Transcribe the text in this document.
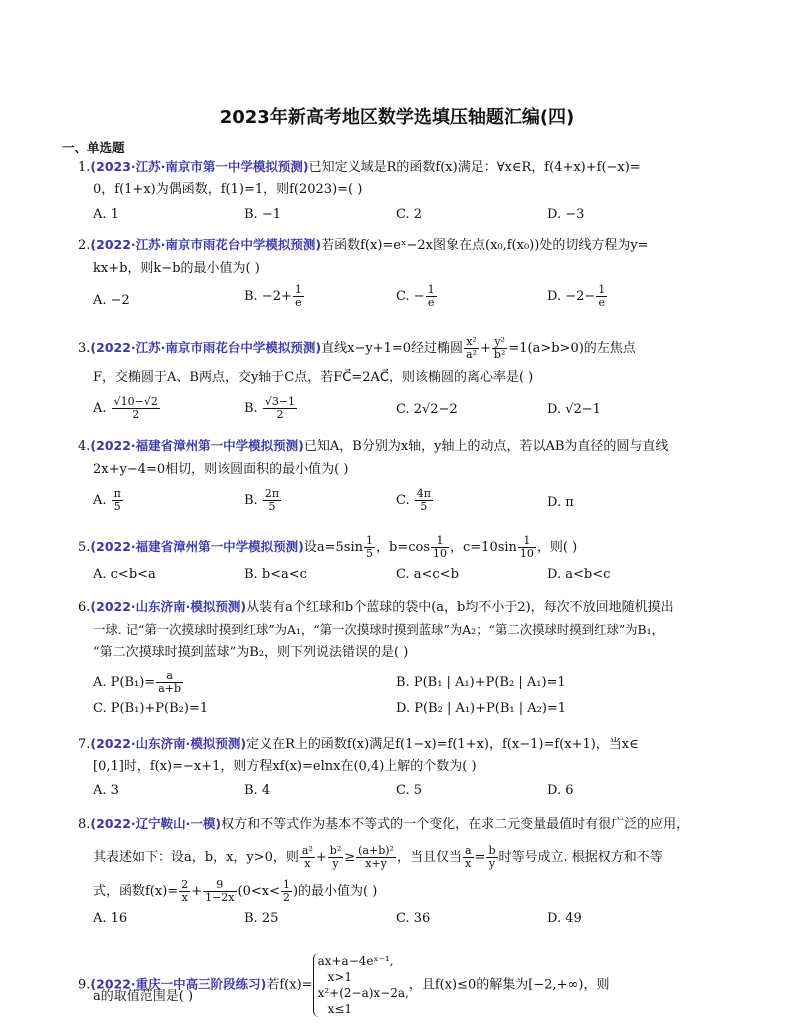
2023年新高考地区数学选填压轴题汇编(四)
一、单选题
1.(2023·江苏·南京市第一中学模拟预测)已知定义域是R的函数f(x)满足：∀x∈R，f(4+x)+f(−x)=
0，f(1+x)为偶函数，f(1)=1，则f(2023)=( )
A. 1	B. −1	C. 2	D. −3
2.(2022·江苏·南京市雨花台中学模拟预测)若函数f(x)=eˣ−2x图象在点(x₀,f(x₀))处的切线方程为y=
kx+b，则k−b的最小值为( )
A. −2	B. $-2+ \frac{1}{e}$	C. − $\frac{1}{e}$	D. $-2- \frac{1}{e}$
3.(2022·江苏·南京市雨花台中学模拟预测)直线x−y+1=0经过椭圆 $\frac{\text{x²}}{\text{a²}} + \frac{\text{y²}}{\text{b²}} =1(a>b>0)$的左焦点
F，交椭圆于A、B两点，交y轴于C点，若FC⃗=2AC⃗，则该椭圆的离心率是( )
A. $\frac{√10-√2}{2}$	B. $\frac{√3-1}{2}$	C. 2√2−2	D. √2−1
4.(2022·福建省漳州第一中学模拟预测)已知A，B分别为x轴，y轴上的动点，若以AB为直径的圆与直线
2x+y−4=0相切，则该圆面积的最小值为( )
A. $\frac{\pi}{5}$	B. $\frac{2\pi}{5}$	C. $\frac{4\pi}{5}$	D. π
5.(2022·福建省漳州第一中学模拟预测)设$a=5\sin \frac{1}{5}$ ，$b=\cos \frac{1}{10}$ ，$c=10\sin \frac{1}{10}$ ，则( )
A. c<b<a	B. b<a<c	C. a<c<b	D. a<b<c
6.(2022·山东济南·模拟预测)从装有a个红球和b个蓝球的袋中(a，b均不小于2)，每次不放回地随机摸出
一球. 记“第一次摸球时摸到红球”为A₁，“第一次摸球时摸到蓝球”为A₂；“第二次摸球时摸到红球”为B₁，
“第二次摸球时摸到蓝球”为B₂，则下列说法错误的是( )
A. $P(B_1)= \frac{a}{a+b}$	B. P(B₁ | A₁)+P(B₂ | A₁)=1
C. P(B₁)+P(B₂)=1	D. P(B₂ | A₁)+P(B₁ | A₂)=1
7.(2022·山东济南·模拟预测)定义在R上的函数f(x)满足f(1−x)=f(1+x)，f(x−1)=f(x+1)，当x∈
[0,1]时，f(x)=−x+1，则方程xf(x)=elnx在(0,4)上解的个数为( )
A. 3	B. 4	C. 5	D. 6
8.(2022·辽宁鞍山·一模)权方和不等式作为基本不等式的一个变化，在求二元变量最值时有很广泛的应用，
其表述如下：设a，b，x，y>0，则 $\frac{\text{a²}}{x} + \frac{\text{b²}}{y} \ge \frac{\text{(a+b)²}}{x+y}$ ，当且仅当 $\frac{a}{x} = \frac{b}{y}$ 时等号成立. 根据权方和不等
式，函数$f(x)= \frac{2}{x} + \frac{9}{1-2x} (0<x< \frac{1}{2}$ )的最小值为( )
A. 16	B. 25	C. 36	D. 49
9.(2022·重庆一中高三阶段练习)若f(x)=
ax+a−4eˣ⁻¹,
x>1
x²+(2−a)x−2a,
x≤1
，且f(x)≤0的解集为[−2,+∞)，则
a的取值范围是( )
